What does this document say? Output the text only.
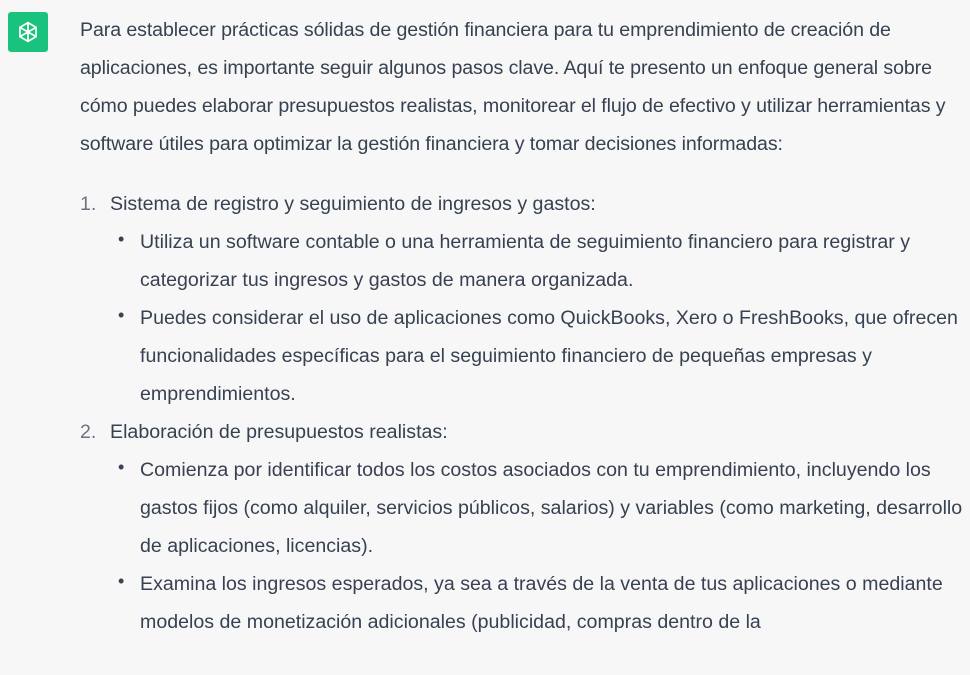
Para establecer prácticas sólidas de gestión financiera para tu emprendimiento de creación de aplicaciones, es importante seguir algunos pasos clave. Aquí te presento un enfoque general sobre cómo puedes elaborar presupuestos realistas, monitorear el flujo de efectivo y utilizar herramientas y software útiles para optimizar la gestión financiera y tomar decisiones informadas:

1. Sistema de registro y seguimiento de ingresos y gastos:
• Utiliza un software contable o una herramienta de seguimiento financiero para registrar y categorizar tus ingresos y gastos de manera organizada.
• Puedes considerar el uso de aplicaciones como QuickBooks, Xero o FreshBooks, que ofrecen funcionalidades específicas para el seguimiento financiero de pequeñas empresas y emprendimientos.
2. Elaboración de presupuestos realistas:
• Comienza por identificar todos los costos asociados con tu emprendimiento, incluyendo los gastos fijos (como alquiler, servicios públicos, salarios) y variables (como marketing, desarrollo de aplicaciones, licencias).
• Examina los ingresos esperados, ya sea a través de la venta de tus aplicaciones o mediante modelos de monetización adicionales (publicidad, compras dentro de la
